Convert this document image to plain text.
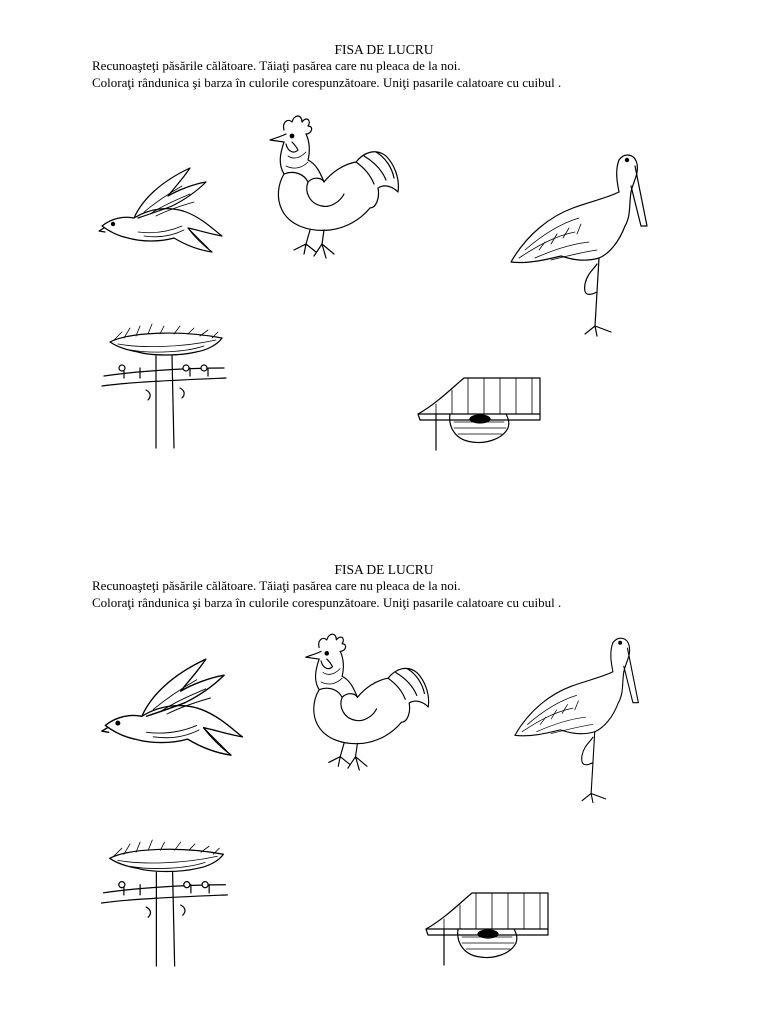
FISA DE LUCRU
Recunoaşteţi păsările călătoare. Tăiaţi pasărea care nu pleaca de la noi.
Coloraţi rândunica şi barza în culorile corespunzătoare. Uniţi pasarile calatoare cu cuibul .
FISA DE LUCRU
Recunoaşteţi păsările călătoare. Tăiaţi pasărea care nu pleaca de la noi.
Coloraţi rândunica şi barza în culorile corespunzătoare. Uniţi pasarile calatoare cu cuibul .
